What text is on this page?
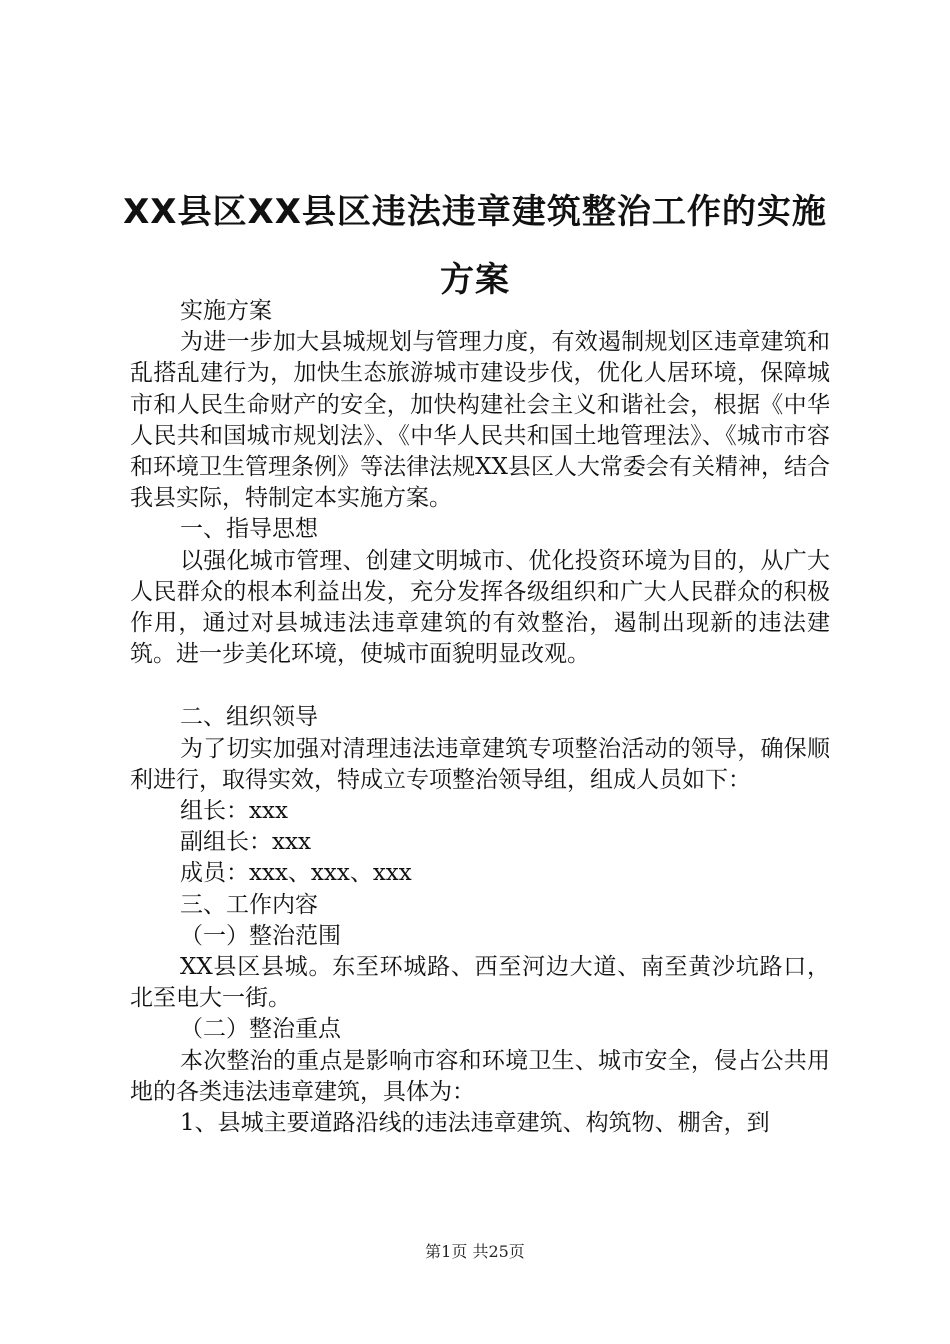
XX县区XX县区违法违章建筑整治工作的实施
方案

实施方案

为进一步加大县城规划与管理力度，有效遏制规划区违章建筑和乱搭乱建行为，加快生态旅游城市建设步伐，优化人居环境，保障城市和人民生命财产的安全，加快构建社会主义和谐社会，根据《中华人民共和国城市规划法》、《中华人民共和国土地管理法》、《城市市容和环境卫生管理条例》等法律法规XX县区人大常委会有关精神，结合我县实际，特制定本实施方案。

一、指导思想

以强化城市管理、创建文明城市、优化投资环境为目的，从广大人民群众的根本利益出发，充分发挥各级组织和广大人民群众的积极作用，通过对县城违法违章建筑的有效整治，遏制出现新的违法建筑。进一步美化环境，使城市面貌明显改观。

二、组织领导

为了切实加强对清理违法违章建筑专项整治活动的领导，确保顺利进行，取得实效，特成立专项整治领导组，组成人员如下：

组长：xxx

副组长：xxx

成员：xxx、xxx、xxx

三、工作内容

（一）整治范围

XX县区县城。东至环城路、西至河边大道、南至黄沙坑路口，北至电大一街。

（二）整治重点

本次整治的重点是影响市容和环境卫生、城市安全，侵占公共用地的各类违法违章建筑，具体为：

1、县城主要道路沿线的违法违章建筑、构筑物、棚舍，到

第1页 共25页
